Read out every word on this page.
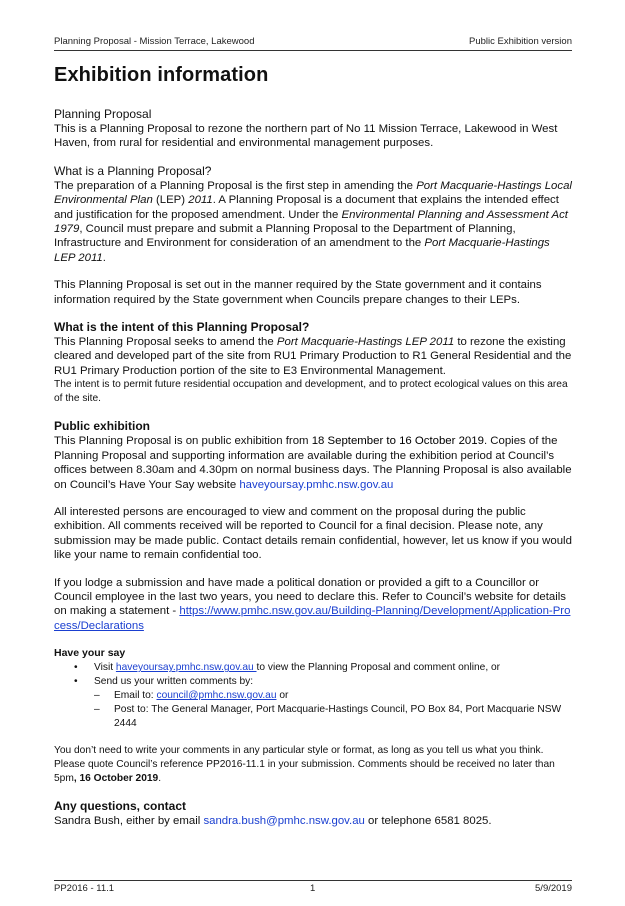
Planning Proposal - Mission Terrace, Lakewood	Public Exhibition version
Exhibition information
Planning Proposal

This is a Planning Proposal to rezone the northern part of No 11 Mission Terrace, Lakewood in West Haven, from rural for residential and environmental management purposes.

What is a Planning Proposal?

The preparation of a Planning Proposal is the first step in amending the Port Macquarie-Hastings Local Environmental Plan (LEP) 2011. A Planning Proposal is a document that explains the intended effect and justification for the proposed amendment. Under the Environmental Planning and Assessment Act 1979, Council must prepare and submit a Planning Proposal to the Department of Planning, Infrastructure and Environment for consideration of an amendment to the Port Macquarie-Hastings LEP 2011.

This Planning Proposal is set out in the manner required by the State government and it contains information required by the State government when Councils prepare changes to their LEPs.

What is the intent of this Planning Proposal?

This Planning Proposal seeks to amend the Port Macquarie-Hastings LEP 2011 to rezone the existing cleared and developed part of the site from RU1 Primary Production to R1 General Residential and the RU1 Primary Production portion of the site to E3 Environmental Management.

The intent is to permit future residential occupation and development, and to protect ecological values on this area of the site.

Public exhibition

This Planning Proposal is on public exhibition from 18 September to 16 October 2019. Copies of the Planning Proposal and supporting information are available during the exhibition period at Council’s offices between 8.30am and 4.30pm on normal business days. The Planning Proposal is also available on Council’s Have Your Say website haveyoursay.pmhc.nsw.gov.au

All interested persons are encouraged to view and comment on the proposal during the public exhibition. All comments received will be reported to Council for a final decision. Please note, any submission may be made public. Contact details remain confidential, however, let us know if you would like your name to remain confidential too.

If you lodge a submission and have made a political donation or provided a gift to a Councillor or Council employee in the last two years, you need to declare this. Refer to Council’s website for details on making a statement - https://www.pmhc.nsw.gov.au/Building-Planning/Development/Application-Process/Declarations

Have your say
• Visit haveyoursay.pmhc.nsw.gov.au to view the Planning Proposal and comment online, or
• Send us your written comments by:
– Email to: council@pmhc.nsw.gov.au or
– Post to: The General Manager, Port Macquarie-Hastings Council, PO Box 84, Port Macquarie NSW 2444

You don’t need to write your comments in any particular style or format, as long as you tell us what you think. Please quote Council’s reference PP2016-11.1 in your submission. Comments should be received no later than 5pm, 16 October 2019.

Any questions, contact

Sandra Bush, either by email sandra.bush@pmhc.nsw.gov.au or telephone 6581 8025.

PP2016 - 11.1	1	5/9/2019
